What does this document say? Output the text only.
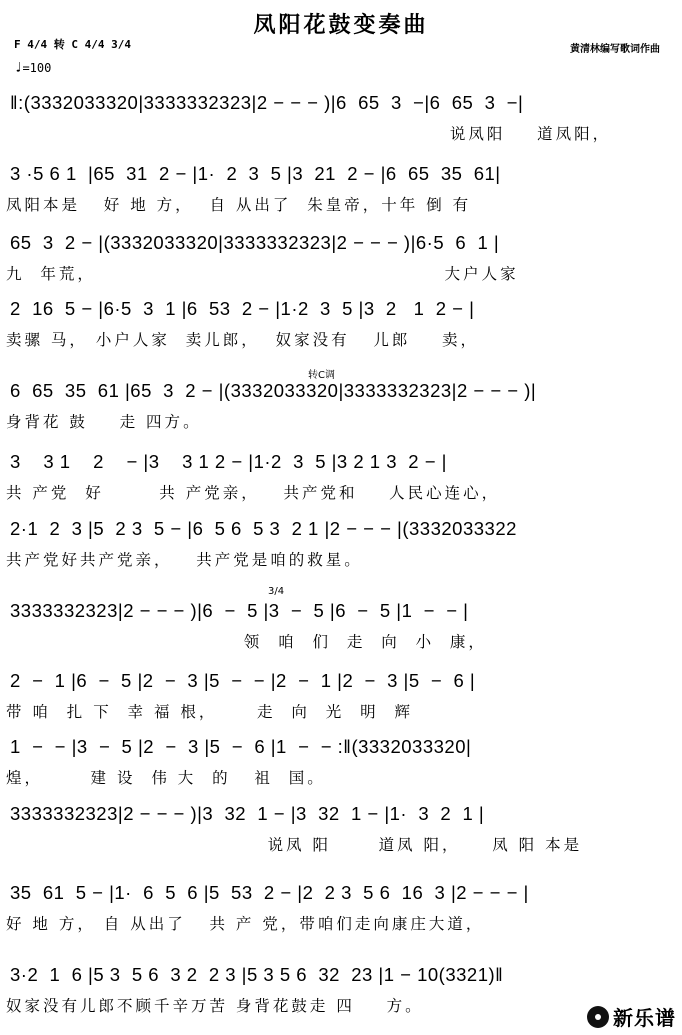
凤阳花鼓变奏曲
F 4/4 转 C 4/4 3/4	黄清林编写歌词作曲
♩=100
‖:(3332033320|3333332323|2 − − − )|6  65  3  −|6  65  3  −|
说凤阳    道凤阳，
3 ·5 6 1  |65  31  2 − |1·  2  3  5 |3  21  2 − |6  65  35  61|
凤阳本是   好 地 方，  自 从出了  朱皇帝，十年 倒 有
65  3  2 − |(3332033320|3333332323|2 − − − )|6·5  6  1 |
九  年荒，                                            大户人家
2  16  5 − |6·5  3  1 |6  53  2 − |1·2  3  5 |3  2   1  2 − |
卖骡 马， 小户人家  卖儿郎，  奴家没有   儿郎    卖，
转C调
6  65  35  61 |65  3  2 − |(3332033320|3333332323|2 − − − )|
身背花 鼓    走 四方。
3    3 1    2    − |3    3 1 2 − |1·2  3  5 |3 2 1 3  2 − |
共 产党  好       共 产党亲，   共产党和    人民心连心，
2·1  2  3 |5  2 3  5 − |6  5 6  5 3  2 1 |2 − − − |(3332033322
共产党好共产党亲，   共产党是咱的救星。
3/4
3333332323|2 − − − )|6  −  5 |3  −  5 |6  −  5 |1  −  − |
领  咱  们  走  向  小  康，
2  −  1 |6  −  5 |2  −  3 |5  −  − |2  −  1 |2  −  3 |5  −  6 |
带 咱  扎 下  幸 福 根，     走  向  光  明  辉
1  −  − |3  −  5 |2  −  3 |5  −  6 |1  −  − :‖(3332033320|
煌，      建 设  伟 大  的   祖  国。
3333332323|2 − − − )|3  32  1 − |3  32  1 − |1·  3  2  1 |
说凤 阳      道凤 阳，    凤 阳 本是
35  61  5 − |1·  6  5  6 |5  53  2 − |2  2 3  5 6  16  3 |2 − − − |
好 地 方， 自 从出了   共 产 党，带咱们走向康庄大道，
3·2  1  6 |5 3  5 6  3 2  2 3 |5 3 5 6  32  23 |1 − 10(3321)‖
奴家没有儿郎不顾千辛万苦 身背花鼓走 四    方。	新乐谱
